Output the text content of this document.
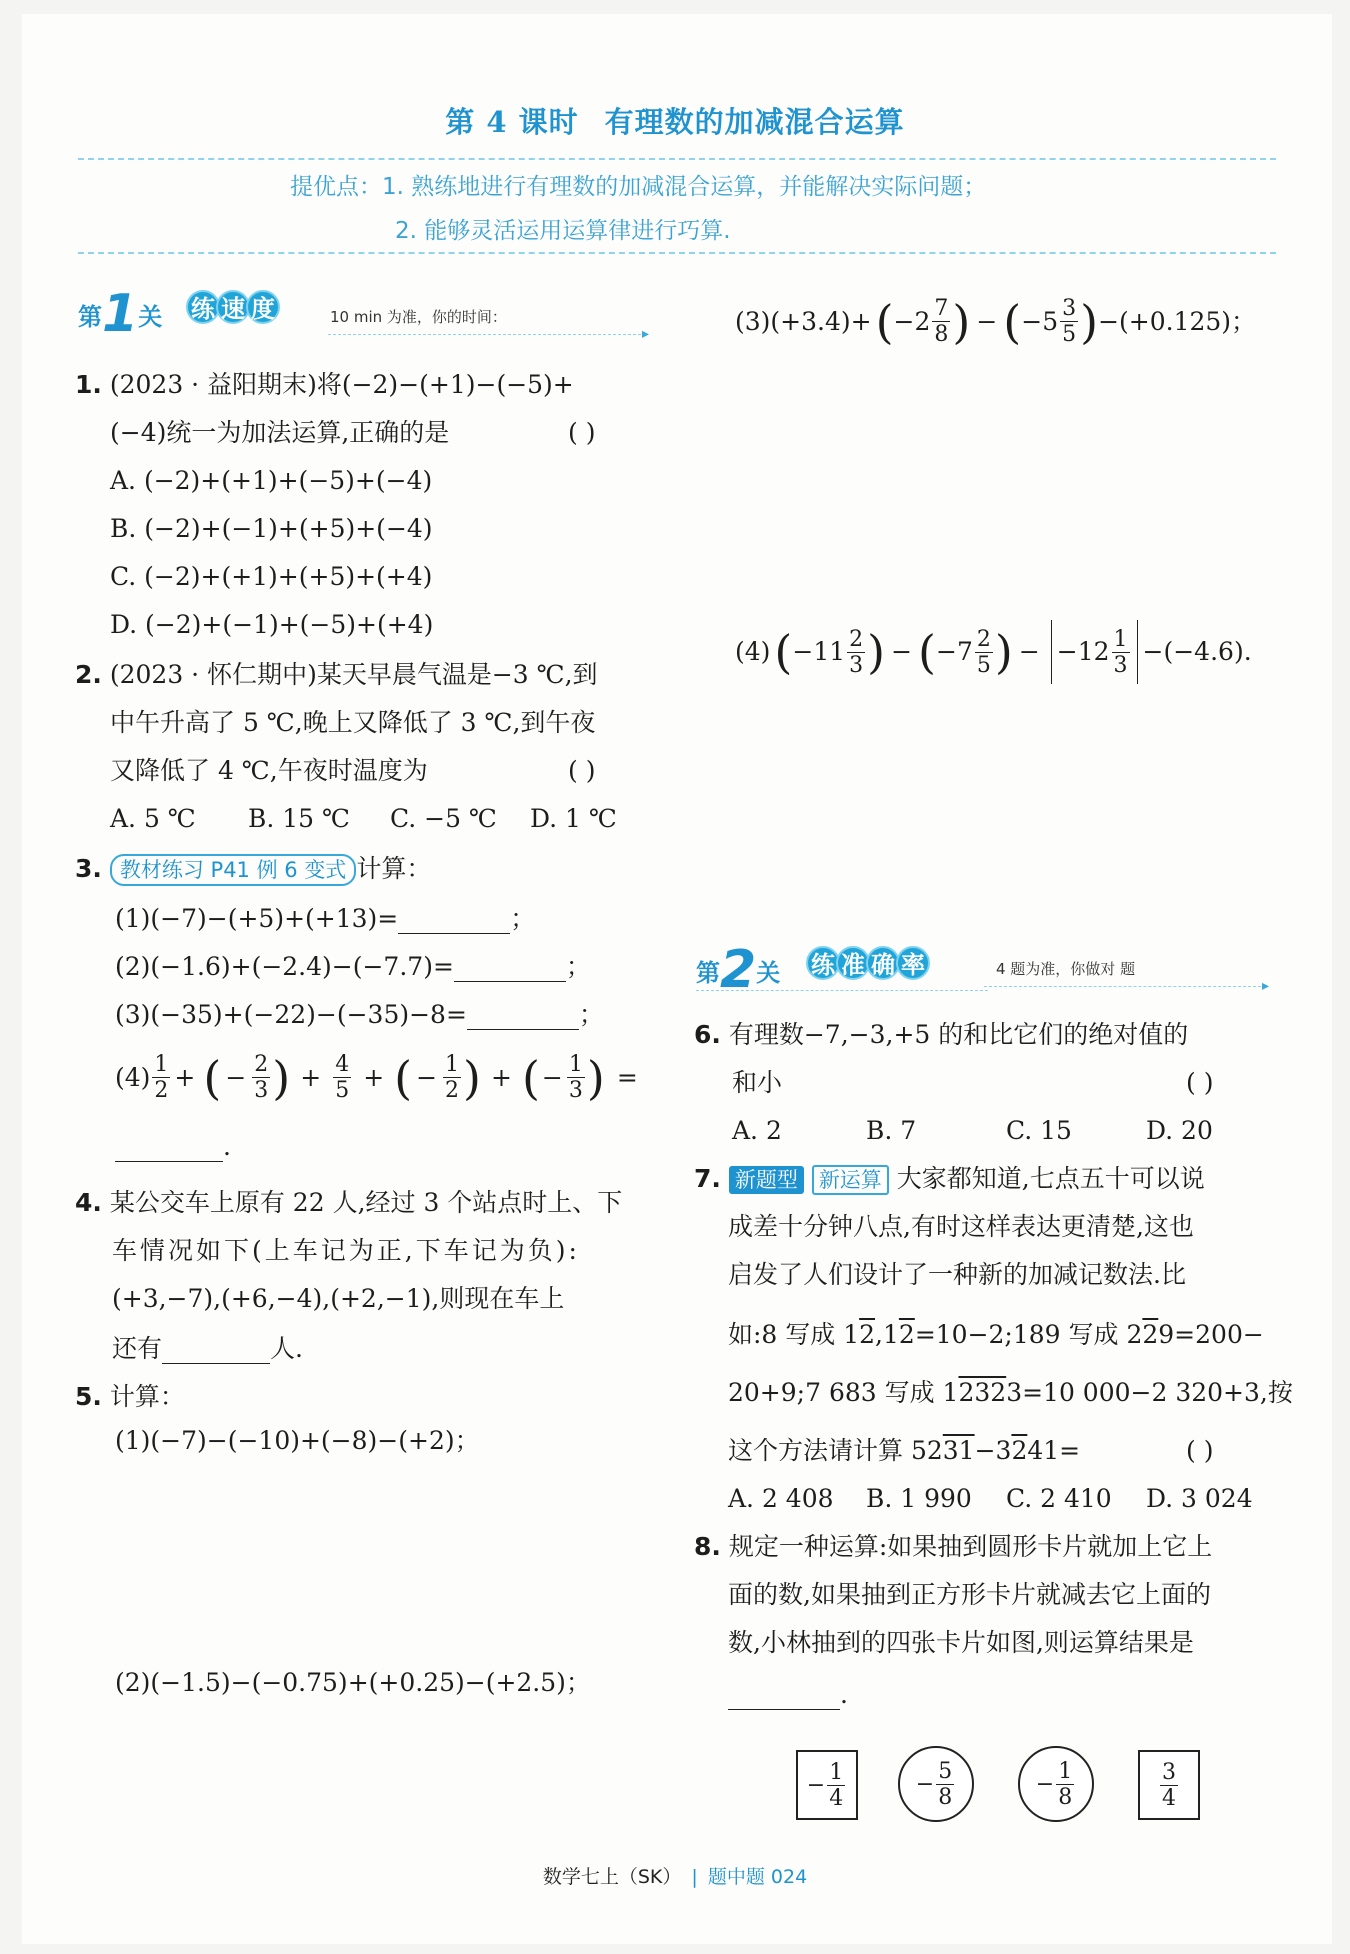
第 4 课时 有理数的加减混合运算
提优点：1. 熟练地进行有理数的加减混合运算，并能解决实际问题；
2. 能够灵活运用运算律进行巧算.
第1关 练 速 度	10 min 为准，你的时间：
▸
1. (2023 · 益阳期末)将(−2)−(+1)−(−5)+
(−4)统一为加法运算,正确的是	( )
A. (−2)+(+1)+(−5)+(−4)
B. (−2)+(−1)+(+5)+(−4)
C. (−2)+(+1)+(+5)+(+4)
D. (−2)+(−1)+(−5)+(+4)
2. (2023 · 怀仁期中)某天早晨气温是−3 ℃,到
中午升高了 5 ℃,晚上又降低了 3 ℃,到午夜
又降低了 4 ℃,午夜时温度为	( )
A. 5 ℃ B. 15 ℃ C. −5 ℃ D. 1 ℃
3. 教材练习 P41 例 6 变式 计算：
(1)(−7)−(+5)+(+13)=	；
(2)(−1.6)+(−2.4)−(−7.7)=	；
(3)(−35)+(−22)−(−35)−8=	；
$(4) \frac{1}{2}$ + ( − $\frac{2}{3}$ ) + $\frac{4}{5}$ + ( − $\frac{1}{2}$ ) + ( − $\frac{1}{3}$ ) =
.
4. 某公交车上原有 22 人,经过 3 个站点时上、下
车情况如下(上车记为正,下车记为负):
(+3,−7),(+6,−4),(+2,−1),则现在车上
还有	人.
5. 计算：
(1)(−7)−(−10)+(−8)−(+2)；
(2)(−1.5)−(−0.75)+(+0.25)−(+2.5)；
(3)(+3.4)+ ( $-2 \frac{7}{8}$ ) − ( $-5 \frac{3}{5}$ ) −(+0.125)；
(4) ( $-11 \frac{2}{3}$ ) − ( $-7 \frac{2}{5}$ ) − $-12 \frac{1}{3} -(-4.6)$.
第2关 练 准 确 率	4 题为准，你做对 题
▸
6. 有理数−7,−3,+5 的和比它们的绝对值的
和小	( )
A. 2	B. 7	C. 15	D. 20
7. 新题型 新运算 大家都知道,七点五十可以说
成差十分钟八点,有时这样表达更清楚,这也
启发了人们设计了一种新的加减记数法.比
如:8 写成 12,12=10−2;189 写成 229=200−
20+9;7 683 写成 12323=10 000−2 320+3,按
这个方法请计算 5231−3241=	( )
A. 2 408 B. 1 990 C. 2 410 D. 3 024
8. 规定一种运算:如果抽到圆形卡片就加上它上
面的数,如果抽到正方形卡片就减去它上面的
数,小林抽到的四张卡片如图,则运算结果是
.
− $\frac{1}{4}$	− $\frac{5}{8}$	− $\frac{1}{8}$	$\frac{3}{4}$
数学七上（SK） | 题中题 024
